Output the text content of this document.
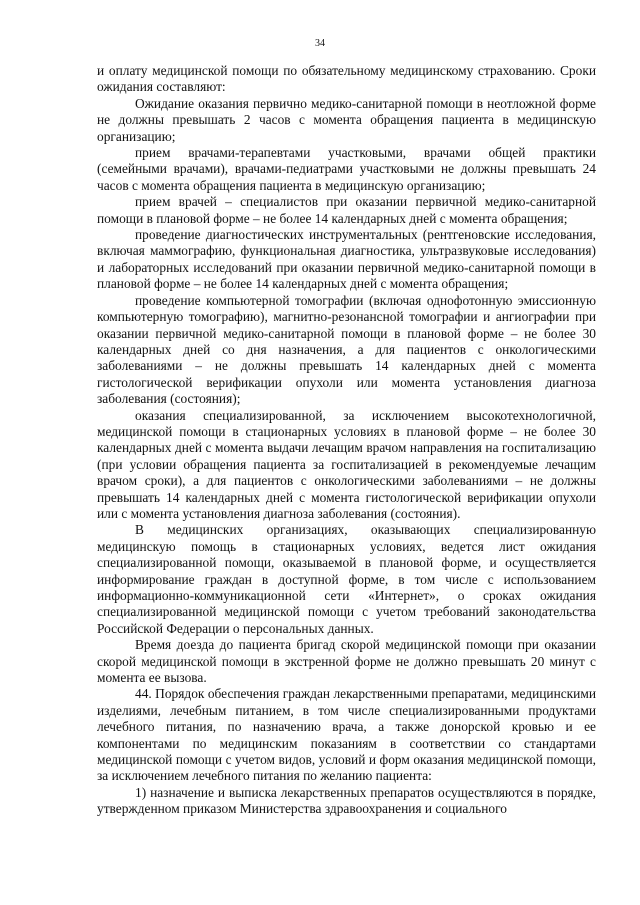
34

и оплату медицинской помощи по обязательному медицинскому страхованию. Сроки ожидания составляют:

Ожидание оказания первично медико-санитарной помощи в неотложной форме не должны превышать 2 часов с момента обращения пациента в медицинскую организацию;

прием врачами-терапевтами участковыми, врачами общей практики (семейными врачами), врачами-педиатрами участковыми не должны превышать 24 часов с момента обращения пациента в медицинскую организацию;

прием врачей – специалистов при оказании первичной медико-санитарной помощи в плановой форме – не более 14 календарных дней с момента обращения;

проведение диагностических инструментальных (рентгеновские исследования, включая маммографию, функциональная диагностика, ультразвуковые исследования) и лабораторных исследований при оказании первичной медико-санитарной помощи в плановой форме – не более 14 календарных дней с момента обращения;

проведение компьютерной томографии (включая однофотонную эмиссионную компьютерную томографию), магнитно-резонансной томографии и ангиографии при оказании первичной медико-санитарной помощи в плановой форме – не более 30 календарных дней со дня назначения, а для пациентов с онкологическими заболеваниями – не должны превышать 14 календарных дней с момента гистологической верификации опухоли или момента установления диагноза заболевания (состояния);

оказания специализированной, за исключением высокотехнологичной, медицинской помощи в стационарных условиях в плановой форме – не более 30 календарных дней с момента выдачи лечащим врачом направления на госпитализацию (при условии обращения пациента за госпитализацией в рекомендуемые лечащим врачом сроки), а для пациентов с онкологическими заболеваниями – не должны превышать 14 календарных дней с момента гистологической верификации опухоли или с момента установления диагноза заболевания (состояния).

В медицинских организациях, оказывающих специализированную медицинскую помощь в стационарных условиях, ведется лист ожидания специализированной помощи, оказываемой в плановой форме, и осуществляется информирование граждан в доступной форме, в том числе с использованием информационно-коммуникационной сети «Интернет», о сроках ожидания специализированной медицинской помощи с учетом требований законодательства Российской Федерации о персональных данных.

Время доезда до пациента бригад скорой медицинской помощи при оказании скорой медицинской помощи в экстренной форме не должно превышать 20 минут с момента ее вызова.

44. Порядок обеспечения граждан лекарственными препаратами, медицинскими изделиями, лечебным питанием, в том числе специализированными продуктами лечебного питания, по назначению врача, а также донорской кровью и ее компонентами по медицинским показаниям в соответствии со стандартами медицинской помощи с учетом видов, условий и форм оказания медицинской помощи, за исключением лечебного питания по желанию пациента:

1) назначение и выписка лекарственных препаратов осуществляются в порядке, утвержденном приказом Министерства здравоохранения и социального
